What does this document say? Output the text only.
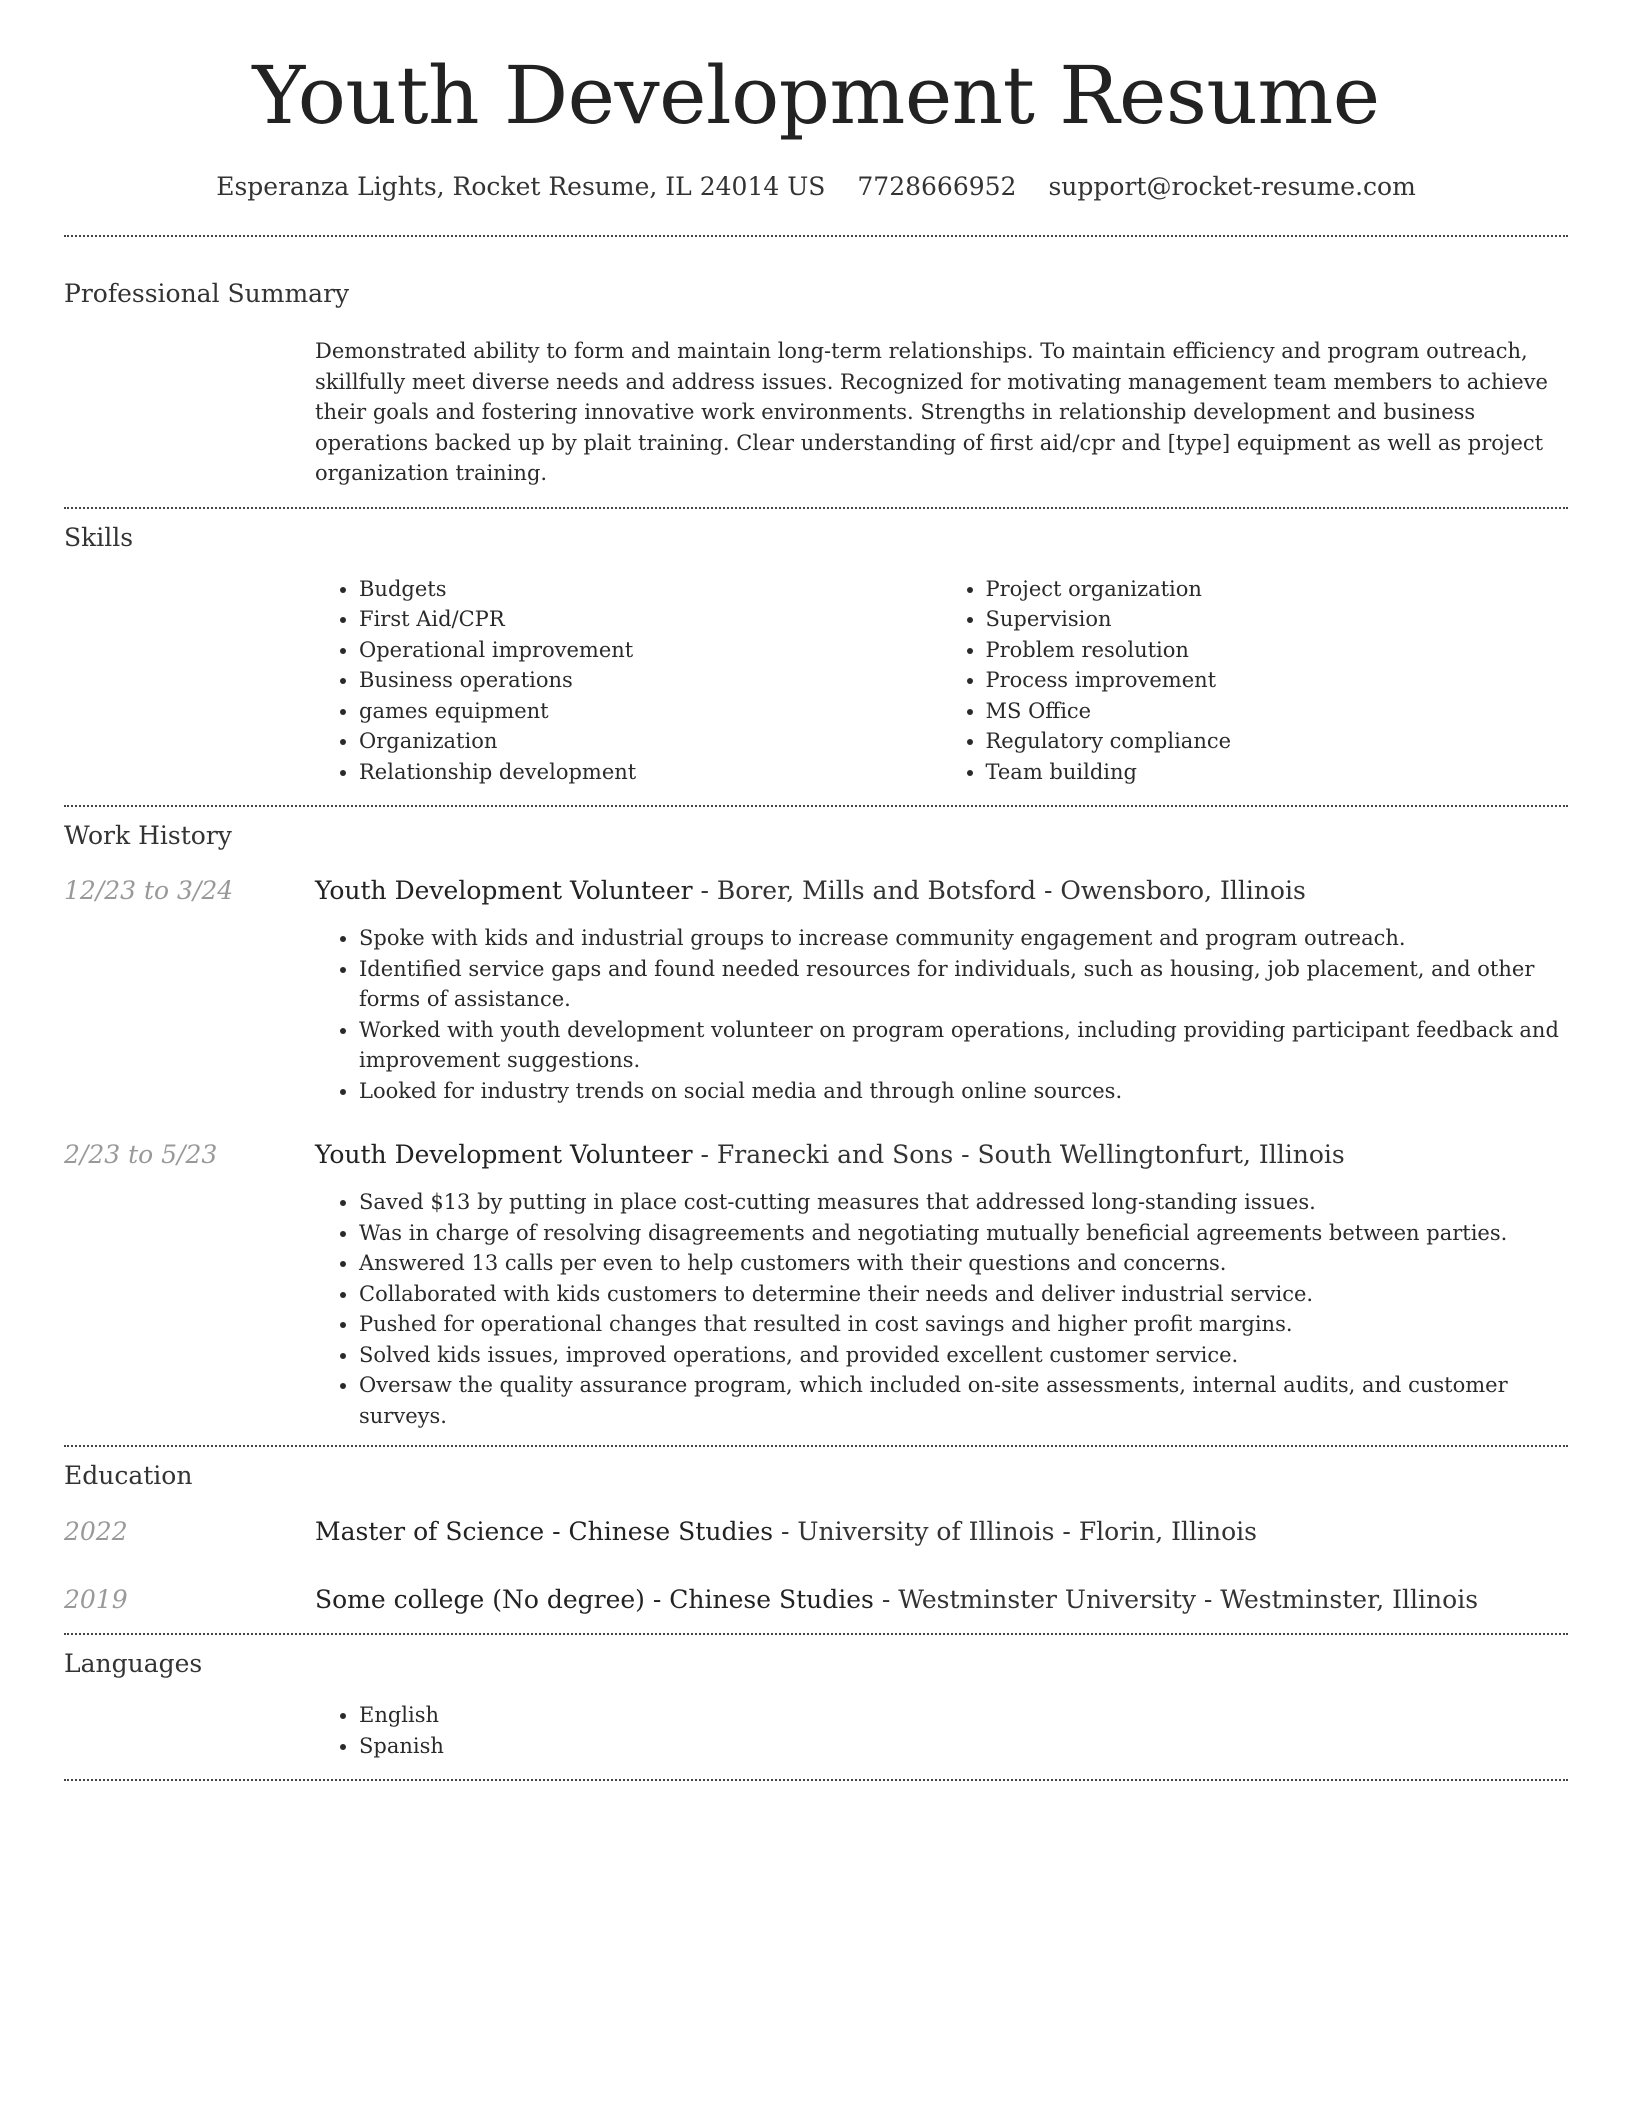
Youth Development Resume
Esperanza Lights, Rocket Resume, IL 24014 US 7728666952 support@rocket-resume.com
Professional Summary

Demonstrated ability to form and maintain long-term relationships. To maintain efficiency and program outreach, skillfully meet diverse needs and address issues. Recognized for motivating management team members to achieve their goals and fostering innovative work environments. Strengths in relationship development and business operations backed up by plait training. Clear understanding of first aid/cpr and [type] equipment as well as project organization training.

Skills
• Budgets
• First Aid/CPR
• Operational improvement
• Business operations
• games equipment
• Organization
• Relationship development
• Project organization
• Supervision
• Problem resolution
• Process improvement
• MS Office
• Regulatory compliance
• Team building
Work History
12/23 to 3/24	Youth Development Volunteer - Borer, Mills and Botsford - Owensboro, Illinois
• Spoke with kids and industrial groups to increase community engagement and program outreach.
• Identified service gaps and found needed resources for individuals, such as housing, job placement, and other forms of assistance.
• Worked with youth development volunteer on program operations, including providing participant feedback and improvement suggestions.
• Looked for industry trends on social media and through online sources.
2/23 to 5/23	Youth Development Volunteer - Franecki and Sons - South Wellingtonfurt, Illinois
• Saved $13 by putting in place cost-cutting measures that addressed long-standing issues.
• Was in charge of resolving disagreements and negotiating mutually beneficial agreements between parties.
• Answered 13 calls per even to help customers with their questions and concerns.
• Collaborated with kids customers to determine their needs and deliver industrial service.
• Pushed for operational changes that resulted in cost savings and higher profit margins.
• Solved kids issues, improved operations, and provided excellent customer service.
• Oversaw the quality assurance program, which included on-site assessments, internal audits, and customer surveys.
Education
2022	Master of Science - Chinese Studies - University of Illinois - Florin, Illinois
2019	Some college (No degree) - Chinese Studies - Westminster University - Westminster, Illinois
Languages
• English
• Spanish
